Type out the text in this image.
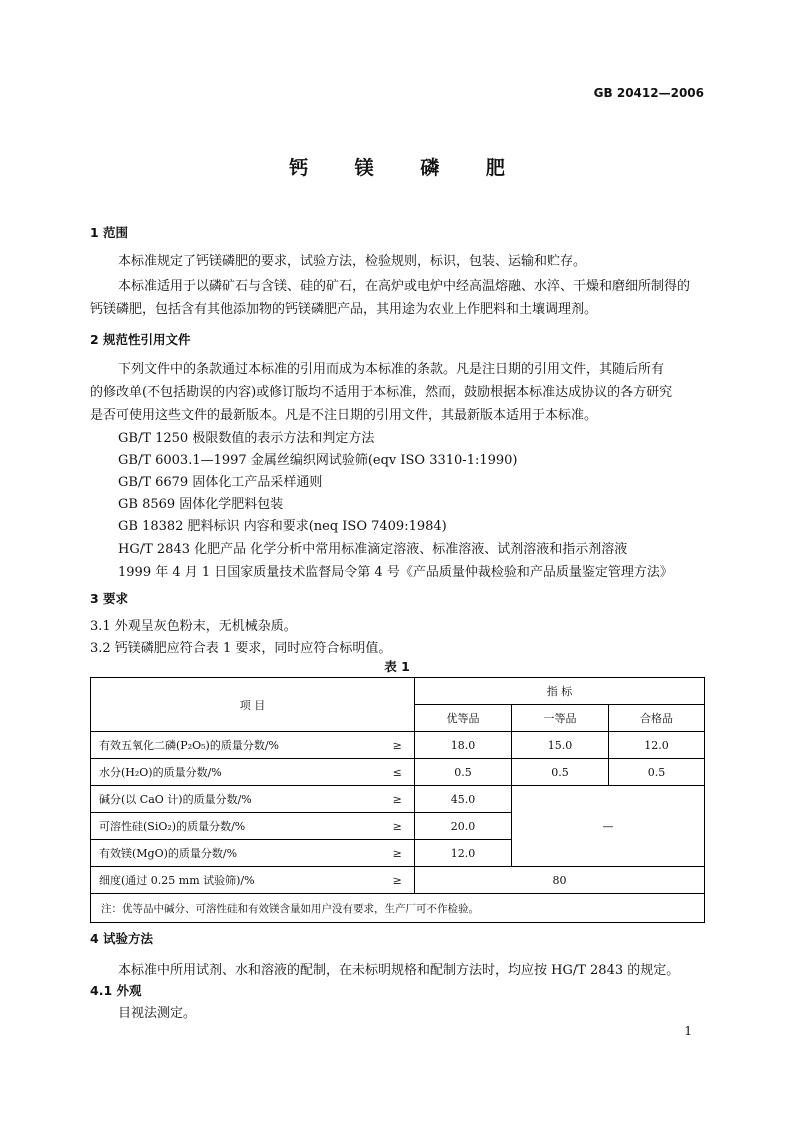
GB 20412—2006
钙 镁 磷 肥
1 范围
本标准规定了钙镁磷肥的要求，试验方法，检验规则，标识，包装、运输和贮存。
本标准适用于以磷矿石与含镁、硅的矿石，在高炉或电炉中经高温熔融、水淬、干燥和磨细所制得的
钙镁磷肥，包括含有其他添加物的钙镁磷肥产品，其用途为农业上作肥料和土壤调理剂。
2 规范性引用文件
下列文件中的条款通过本标准的引用而成为本标准的条款。凡是注日期的引用文件，其随后所有
的修改单(不包括勘误的内容)或修订版均不适用于本标准，然而，鼓励根据本标准达成协议的各方研究
是否可使用这些文件的最新版本。凡是不注日期的引用文件，其最新版本适用于本标准。
GB/T 1250 极限数值的表示方法和判定方法
GB/T 6003.1—1997 金属丝编织网试验筛(eqv ISO 3310-1:1990)
GB/T 6679 固体化工产品采样通则
GB 8569 固体化学肥料包装
GB 18382 肥料标识 内容和要求(neq ISO 7409:1984)
HG/T 2843 化肥产品 化学分析中常用标准滴定溶液、标准溶液、试剂溶液和指示剂溶液
1999 年 4 月 1 日国家质量技术监督局令第 4 号《产品质量仲裁检验和产品质量鉴定管理方法》
3 要求
3.1 外观呈灰色粉末，无机械杂质。
3.2 钙镁磷肥应符合表 1 要求，同时应符合标明值。
表 1
项 目		指 标		
		优等品	一等品	合格品
有效五氧化二磷(P₂O₅)的质量分数/%	≥	18.0	15.0	12.0
水分(H₂O)的质量分数/%	≤	0.5	0.5	0.5
碱分(以 CaO 计)的质量分数/%	≥	45.0	—	
可溶性硅(SiO₂)的质量分数/%	≥	20.0		
有效镁(MgO)的质量分数/%	≥	12.0		
细度(通过 0.25 mm 试验筛)/%	≥	80		
注：优等品中碱分、可溶性硅和有效镁含量如用户没有要求，生产厂可不作检验。				
4 试验方法
本标准中所用试剂、水和溶液的配制，在未标明规格和配制方法时，均应按 HG/T 2843 的规定。
4.1 外观
目视法测定。
1
